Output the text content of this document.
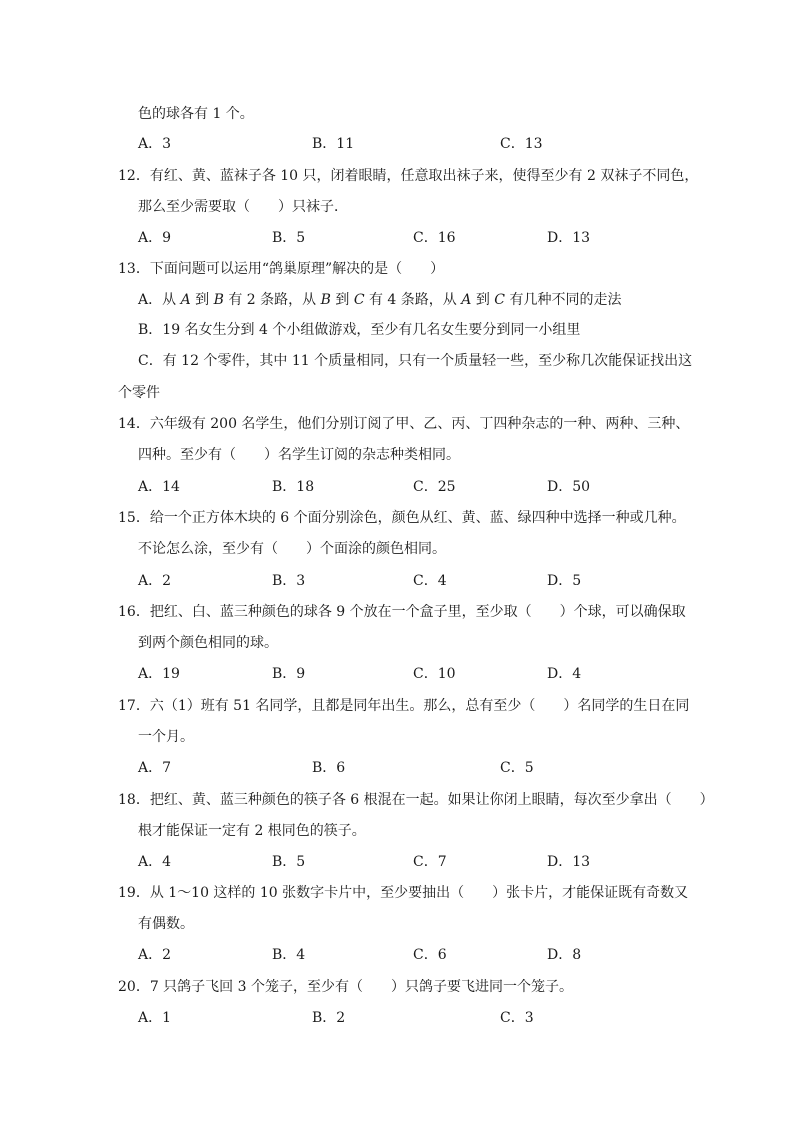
色的球各有 1 个。
A．3	B．11	C．13
12．有红、黄、蓝袜子各 10 只，闭着眼睛，任意取出袜子来，使得至少有 2 双袜子不同色，
那么至少需要取（　　）只袜子．
A．9	B．5	C．16	D．13
13．下面问题可以运用“鸽巢原理”解决的是（　　）
A．从 A 到 B 有 2 条路，从 B 到 C 有 4 条路，从 A 到 C 有几种不同的走法
B．19 名女生分到 4 个小组做游戏，至少有几名女生要分到同一小组里
C．有 12 个零件，其中 11 个质量相同，只有一个质量轻一些，至少称几次能保证找出这
个零件
14．六年级有 200 名学生，他们分别订阅了甲、乙、丙、丁四种杂志的一种、两种、三种、
四种。至少有（　　）名学生订阅的杂志种类相同。
A．14	B．18	C．25	D．50
15．给一个正方体木块的 6 个面分别涂色，颜色从红、黄、蓝、绿四种中选择一种或几种。
不论怎么涂，至少有（　　）个面涂的颜色相同。
A．2	B．3	C．4	D．5
16．把红、白、蓝三种颜色的球各 9 个放在一个盒子里，至少取（　　）个球，可以确保取
到两个颜色相同的球。
A．19	B．9	C．10	D．4
17．六（1）班有 51 名同学，且都是同年出生。那么，总有至少（　　）名同学的生日在同
一个月。
A．7	B．6	C．5
18．把红、黄、蓝三种颜色的筷子各 6 根混在一起。如果让你闭上眼睛，每次至少拿出（　　）
根才能保证一定有 2 根同色的筷子。
A．4	B．5	C．7	D．13
19．从 1～10 这样的 10 张数字卡片中，至少要抽出（　　）张卡片，才能保证既有奇数又
有偶数。
A．2	B．4	C．6	D．8
20．7 只鸽子飞回 3 个笼子，至少有（　　）只鸽子要飞进同一个笼子。
A．1	B．2	C．3
